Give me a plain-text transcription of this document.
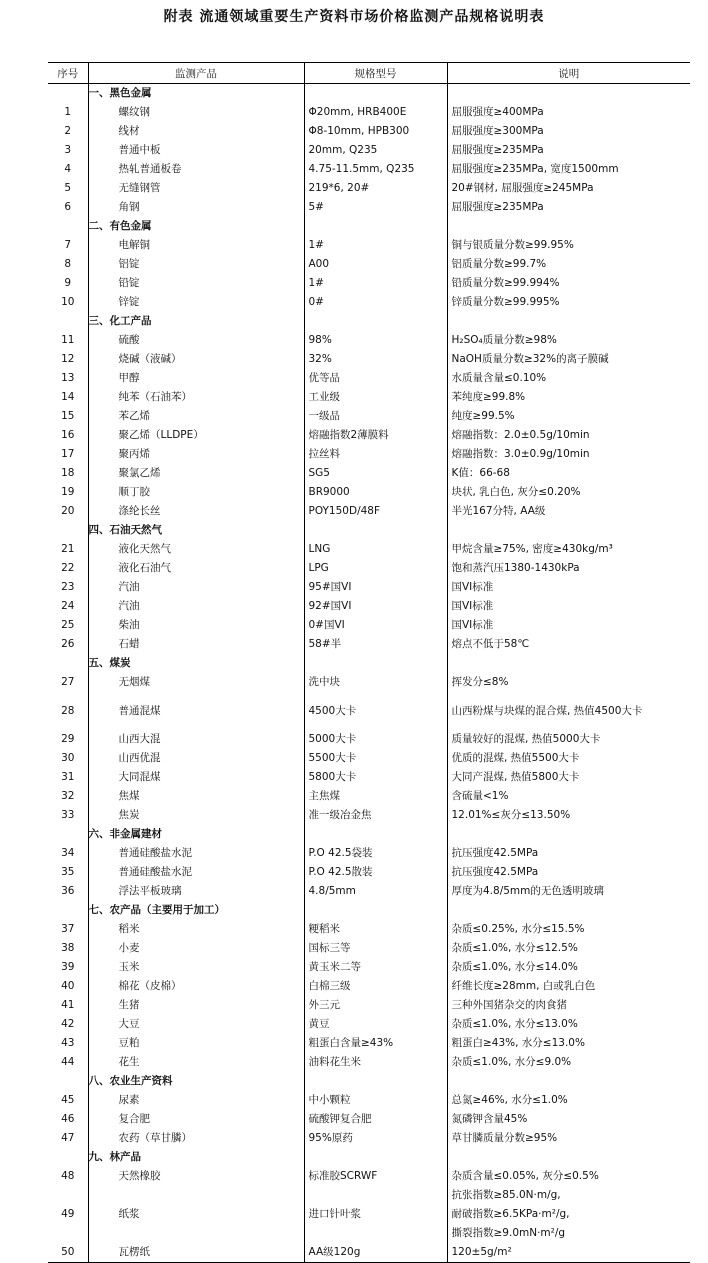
附表 流通领域重要生产资料市场价格监测产品规格说明表
序号	监测产品	规格型号	说明
	一、黑色金属		
1	螺纹钢	Φ20mm, HRB400E	屈服强度≥400MPa
2	线材	Φ8-10mm, HPB300	屈服强度≥300MPa
3	普通中板	20mm, Q235	屈服强度≥235MPa
4	热轧普通板卷	4.75-11.5mm, Q235	屈服强度≥235MPa, 宽度1500mm
5	无缝钢管	219*6, 20#	20#钢材, 屈服强度≥245MPa
6	角钢	5#	屈服强度≥235MPa
	二、有色金属		
7	电解铜	1#	铜与银质量分数≥99.95%
8	铝锭	A00	铝质量分数≥99.7%
9	铅锭	1#	铅质量分数≥99.994%
10	锌锭	0#	锌质量分数≥99.995%
	三、化工产品		
11	硫酸	98%	H₂SO₄质量分数≥98%
12	烧碱（液碱）	32%	NaOH质量分数≥32%的离子膜碱
13	甲醇	优等品	水质量含量≤0.10%
14	纯苯（石油苯）	工业级	苯纯度≥99.8%
15	苯乙烯	一级品	纯度≥99.5%
16	聚乙烯（LLDPE）	熔融指数2薄膜料	熔融指数：2.0±0.5g/10min
17	聚丙烯	拉丝料	熔融指数：3.0±0.9g/10min
18	聚氯乙烯	SG5	K值：66-68
19	顺丁胶	BR9000	块状, 乳白色, 灰分≤0.20%
20	涤纶长丝	POY150D/48F	半光167分特, AA级
	四、石油天然气		
21	液化天然气	LNG	甲烷含量≥75%, 密度≥430kg/m³
22	液化石油气	LPG	饱和蒸汽压1380-1430kPa
23	汽油	95#国VI	国VI标准
24	汽油	92#国VI	国VI标准
25	柴油	0#国VI	国VI标准
26	石蜡	58#半	熔点不低于58℃
	五、煤炭		
27	无烟煤	洗中块	挥发分≤8%
28	普通混煤	4500大卡	山西粉煤与块煤的混合煤, 热值4500大卡
29	山西大混	5000大卡	质量较好的混煤, 热值5000大卡
30	山西优混	5500大卡	优质的混煤, 热值5500大卡
31	大同混煤	5800大卡	大同产混煤, 热值5800大卡
32	焦煤	主焦煤	含硫量<1%
33	焦炭	准一级冶金焦	12.01%≤灰分≤13.50%
	六、非金属建材		
34	普通硅酸盐水泥	P.O 42.5袋装	抗压强度42.5MPa
35	普通硅酸盐水泥	P.O 42.5散装	抗压强度42.5MPa
36	浮法平板玻璃	4.8/5mm	厚度为4.8/5mm的无色透明玻璃
	七、农产品（主要用于加工）		
37	稻米	粳稻米	杂质≤0.25%, 水分≤15.5%
38	小麦	国标三等	杂质≤1.0%, 水分≤12.5%
39	玉米	黄玉米二等	杂质≤1.0%, 水分≤14.0%
40	棉花（皮棉）	白棉三级	纤维长度≥28mm, 白或乳白色
41	生猪	外三元	三种外国猪杂交的肉食猪
42	大豆	黄豆	杂质≤1.0%, 水分≤13.0%
43	豆粕	粗蛋白含量≥43%	粗蛋白≥43%, 水分≤13.0%
44	花生	油料花生米	杂质≤1.0%, 水分≤9.0%
	八、农业生产资料		
45	尿素	中小颗粒	总氮≥46%, 水分≤1.0%
46	复合肥	硫酸钾复合肥	氮磷钾含量45%
47	农药（草甘膦）	95%原药	草甘膦质量分数≥95%
	九、林产品		
48	天然橡胶	标准胶SCRWF	杂质含量≤0.05%, 灰分≤0.5%

49	纸浆	进口针叶浆	抗张指数≥85.0N·m/g,
耐破指数≥6.5KPa·m²/g,
撕裂指数≥9.0mN·m²/g

50	瓦楞纸	AA级120g	120±5g/m²
